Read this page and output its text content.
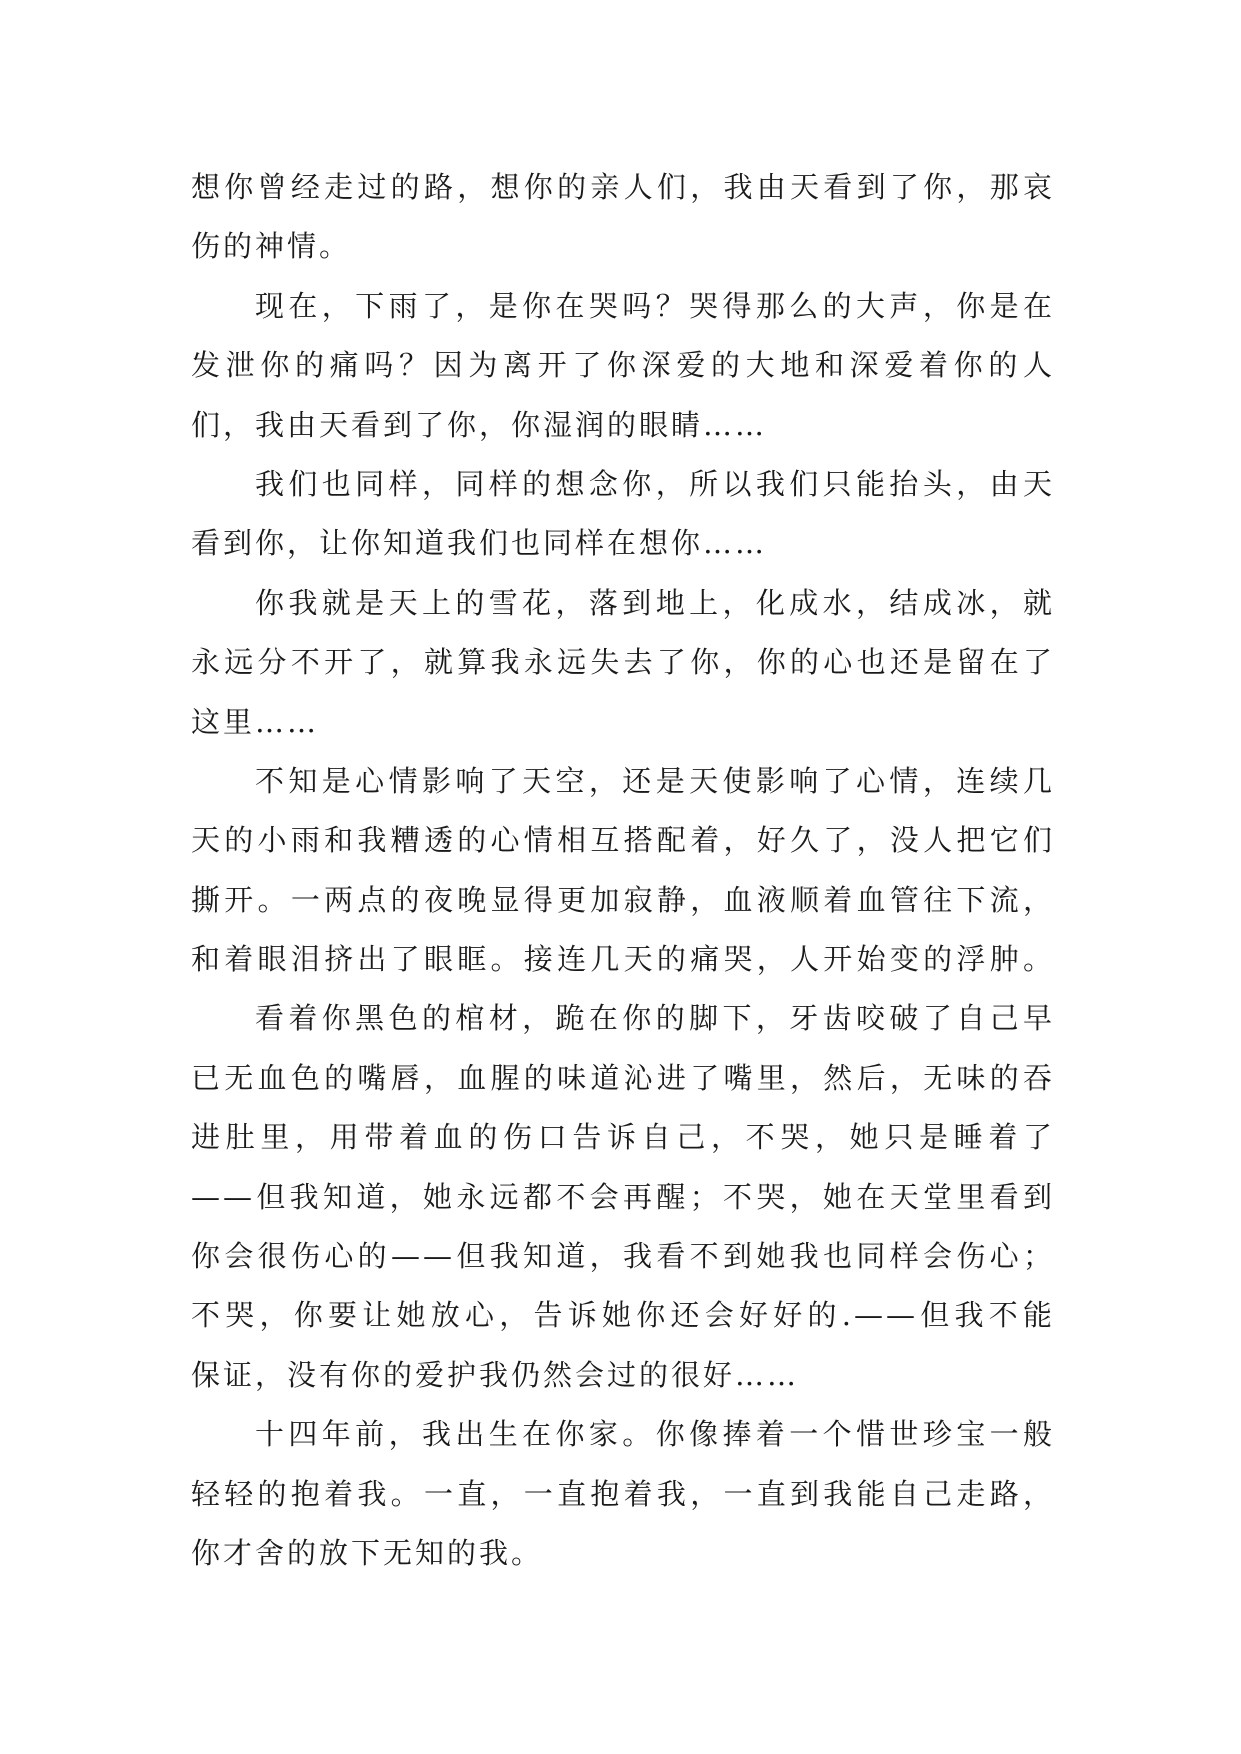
想你曾经走过的路，想你的亲人们，我由天看到了你，那哀
伤的神情。
现在，下雨了，是你在哭吗？哭得那么的大声，你是在
发泄你的痛吗？因为离开了你深爱的大地和深爱着你的人
们，我由天看到了你，你湿润的眼睛……
我们也同样，同样的想念你，所以我们只能抬头，由天
看到你，让你知道我们也同样在想你……
你我就是天上的雪花，落到地上，化成水，结成冰，就
永远分不开了，就算我永远失去了你，你的心也还是留在了
这里……
不知是心情影响了天空，还是天使影响了心情，连续几
天的小雨和我糟透的心情相互搭配着，好久了，没人把它们
撕开。一两点的夜晚显得更加寂静，血液顺着血管往下流，
和着眼泪挤出了眼眶。接连几天的痛哭，人开始变的浮肿。
看着你黑色的棺材，跪在你的脚下，牙齿咬破了自己早
已无血色的嘴唇，血腥的味道沁进了嘴里，然后，无味的吞
进肚里，用带着血的伤口告诉自己，不哭，她只是睡着了
——但我知道，她永远都不会再醒；不哭，她在天堂里看到
你会很伤心的——但我知道，我看不到她我也同样会伤心；
不哭，你要让她放心，告诉她你还会好好的.——但我不能
保证，没有你的爱护我仍然会过的很好……
十四年前，我出生在你家。你像捧着一个惜世珍宝一般
轻轻的抱着我。一直，一直抱着我，一直到我能自己走路，
你才舍的放下无知的我。
